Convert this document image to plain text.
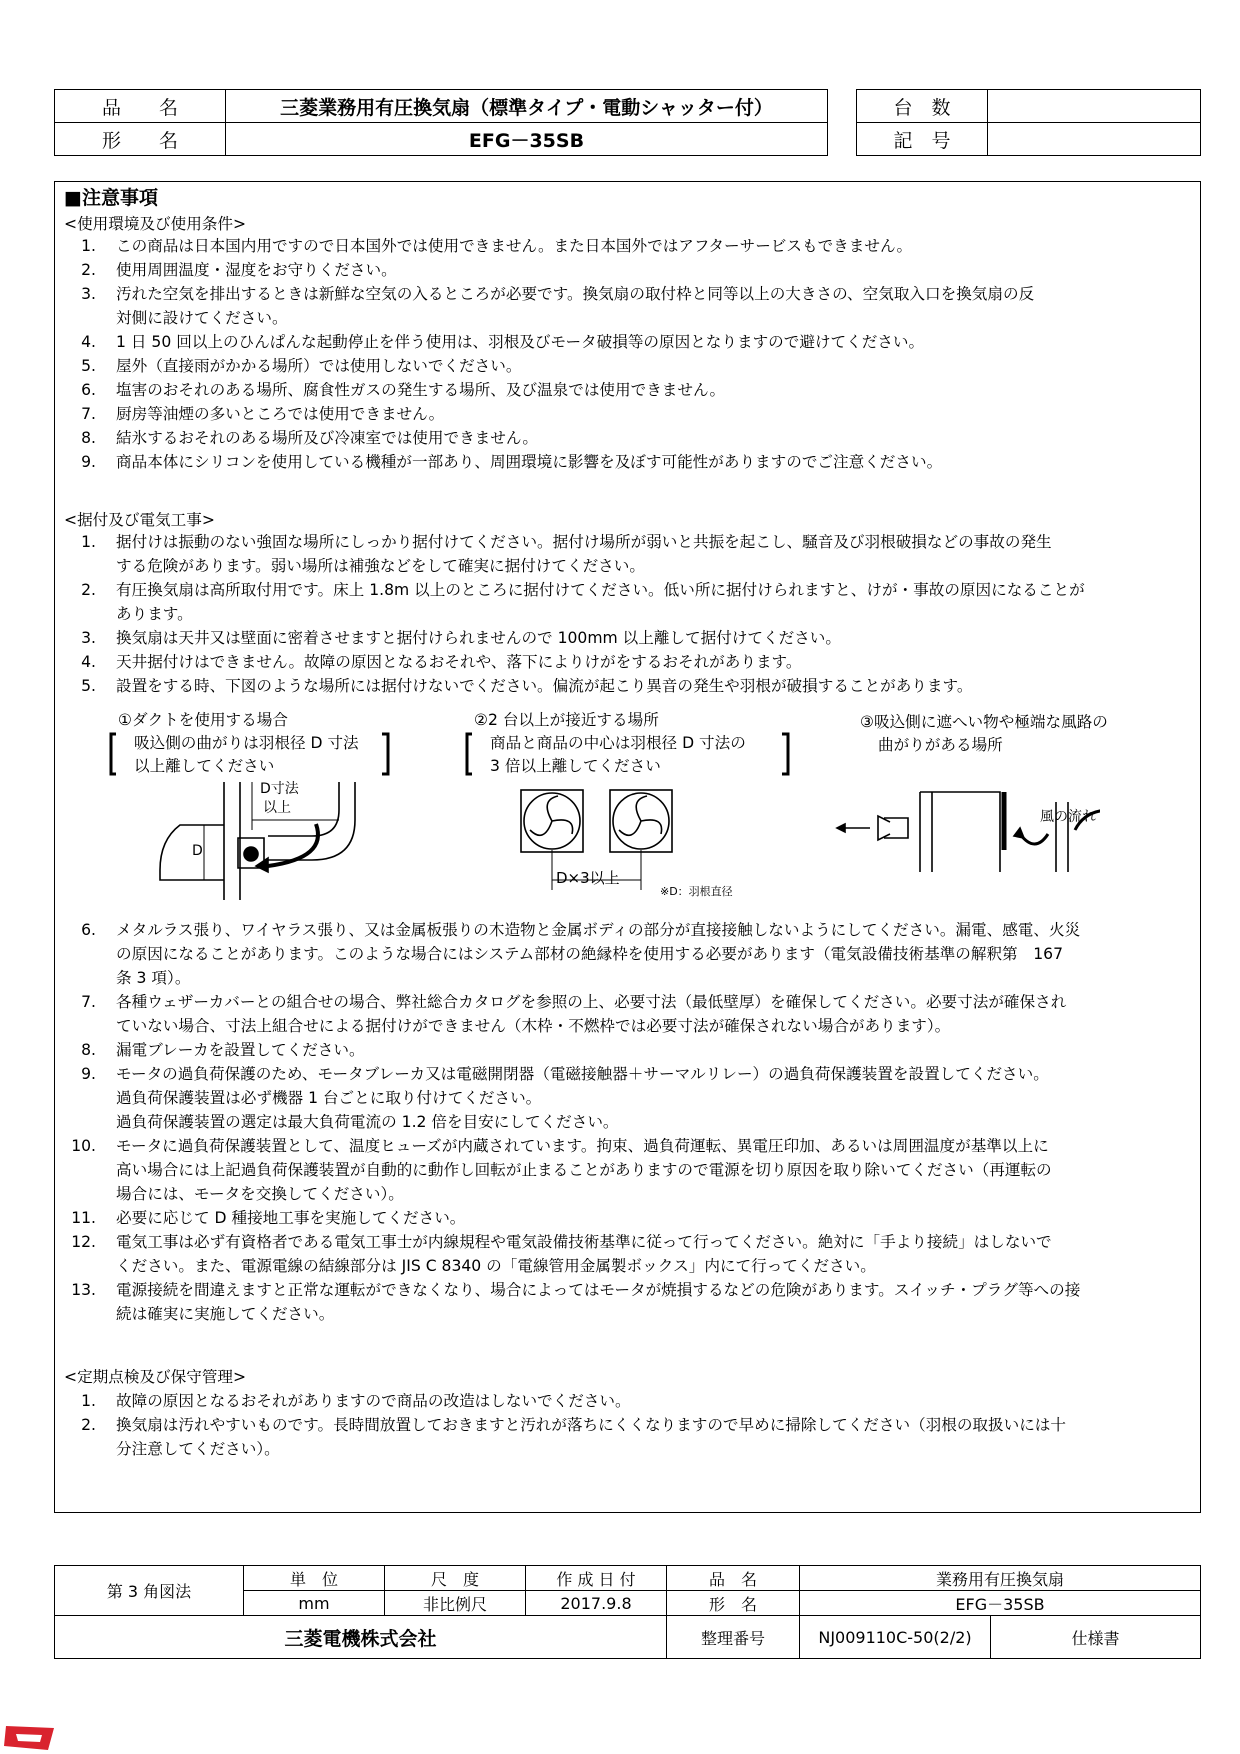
品　　名	三菱業務用有圧換気扇（標準タイプ・電動シャッター付）
形　　名	EFG－35SB
台　数	
記　号	
■注意事項
<使用環境及び使用条件>
<据付及び電気工事>
<定期点検及び保守管理>
1. この商品は日本国内用ですので日本国外では使用できません。また日本国外ではアフターサービスもできません。
2. 使用周囲温度・湿度をお守りください。
3. 汚れた空気を排出するときは新鮮な空気の入るところが必要です。換気扇の取付枠と同等以上の大きさの、空気取入口を換気扇の反
対側に設けてください。
4. 1 日 50 回以上のひんぱんな起動停止を伴う使用は、羽根及びモータ破損等の原因となりますので避けてください。
5. 屋外（直接雨がかかる場所）では使用しないでください。
6. 塩害のおそれのある場所、腐食性ガスの発生する場所、及び温泉では使用できません。
7. 厨房等油煙の多いところでは使用できません。
8. 結氷するおそれのある場所及び冷凍室では使用できません。
9. 商品本体にシリコンを使用している機種が一部あり、周囲環境に影響を及ぼす可能性がありますのでご注意ください。
1. 据付けは振動のない強固な場所にしっかり据付けてください。据付け場所が弱いと共振を起こし、騒音及び羽根破損などの事故の発生
する危険があります。弱い場所は補強などをして確実に据付けてください。
2. 有圧換気扇は高所取付用です。床上 1.8m 以上のところに据付けてください。低い所に据付けられますと、けが・事故の原因になることが
あります。
3. 換気扇は天井又は壁面に密着させますと据付けられませんので 100mm 以上離して据付けてください。
4. 天井据付けはできません。故障の原因となるおそれや、落下によりけがをするおそれがあります。
5. 設置をする時、下図のような場所には据付けないでください。偏流が起こり異音の発生や羽根が破損することがあります。
6. メタルラス張り、ワイヤラス張り、又は金属板張りの木造物と金属ボディの部分が直接接触しないようにしてください。漏電、感電、火災
の原因になることがあります。このような場合にはシステム部材の絶縁枠を使用する必要があります（電気設備技術基準の解釈第　167
条 3 項）。
7. 各種ウェザーカバーとの組合せの場合、弊社総合カタログを参照の上、必要寸法（最低壁厚）を確保してください。必要寸法が確保され
ていない場合、寸法上組合せによる据付けができません（木枠・不燃枠では必要寸法が確保されない場合があります）。
8. 漏電ブレーカを設置してください。
9. モータの過負荷保護のため、モータブレーカ又は電磁開閉器（電磁接触器＋サーマルリレー）の過負荷保護装置を設置してください。
過負荷保護装置は必ず機器 1 台ごとに取り付けてください。
過負荷保護装置の選定は最大負荷電流の 1.2 倍を目安にしてください。
10. モータに過負荷保護装置として、温度ヒューズが内蔵されています。拘束、過負荷運転、異電圧印加、あるいは周囲温度が基準以上に
高い場合には上記過負荷保護装置が自動的に動作し回転が止まることがありますので電源を切り原因を取り除いてください（再運転の
場合には、モータを交換してください）。
11. 必要に応じて D 種接地工事を実施してください。
12. 電気工事は必ず有資格者である電気工事士が内線規程や電気設備技術基準に従って行ってください。絶対に「手より接続」はしないで
ください。また、電源電線の結線部分は JIS C 8340 の「電線管用金属製ボックス」内にて行ってください。
13. 電源接続を間違えますと正常な運転ができなくなり、場合によってはモータが焼損するなどの危険があります。スイッチ・プラグ等への接
続は確実に実施してください。
1. 故障の原因となるおそれがありますので商品の改造はしないでください。
2. 換気扇は汚れやすいものです。長時間放置しておきますと汚れが落ちにくくなりますので早めに掃除してください（羽根の取扱いには十
分注意してください）。
①ダクトを使用する場合
吸込側の曲がりは羽根径 D 寸法
以上離してください
D寸法
以上
D
②2 台以上が接近する場所
商品と商品の中心は羽根径 D 寸法の
3 倍以上離してください
D×3以上
※D：羽根直径
③吸込側に遮へい物や極端な風路の
曲がりがある場所
風の流れ
第 3 角図法	単　位	尺　度	作 成 日 付	品　名	業務用有圧換気扇	
	mm	非比例尺	2017.9.8	形　名	EFG－35SB	
三菱電機株式会社				整理番号	NJ009110C-50(2/2)	仕様書
